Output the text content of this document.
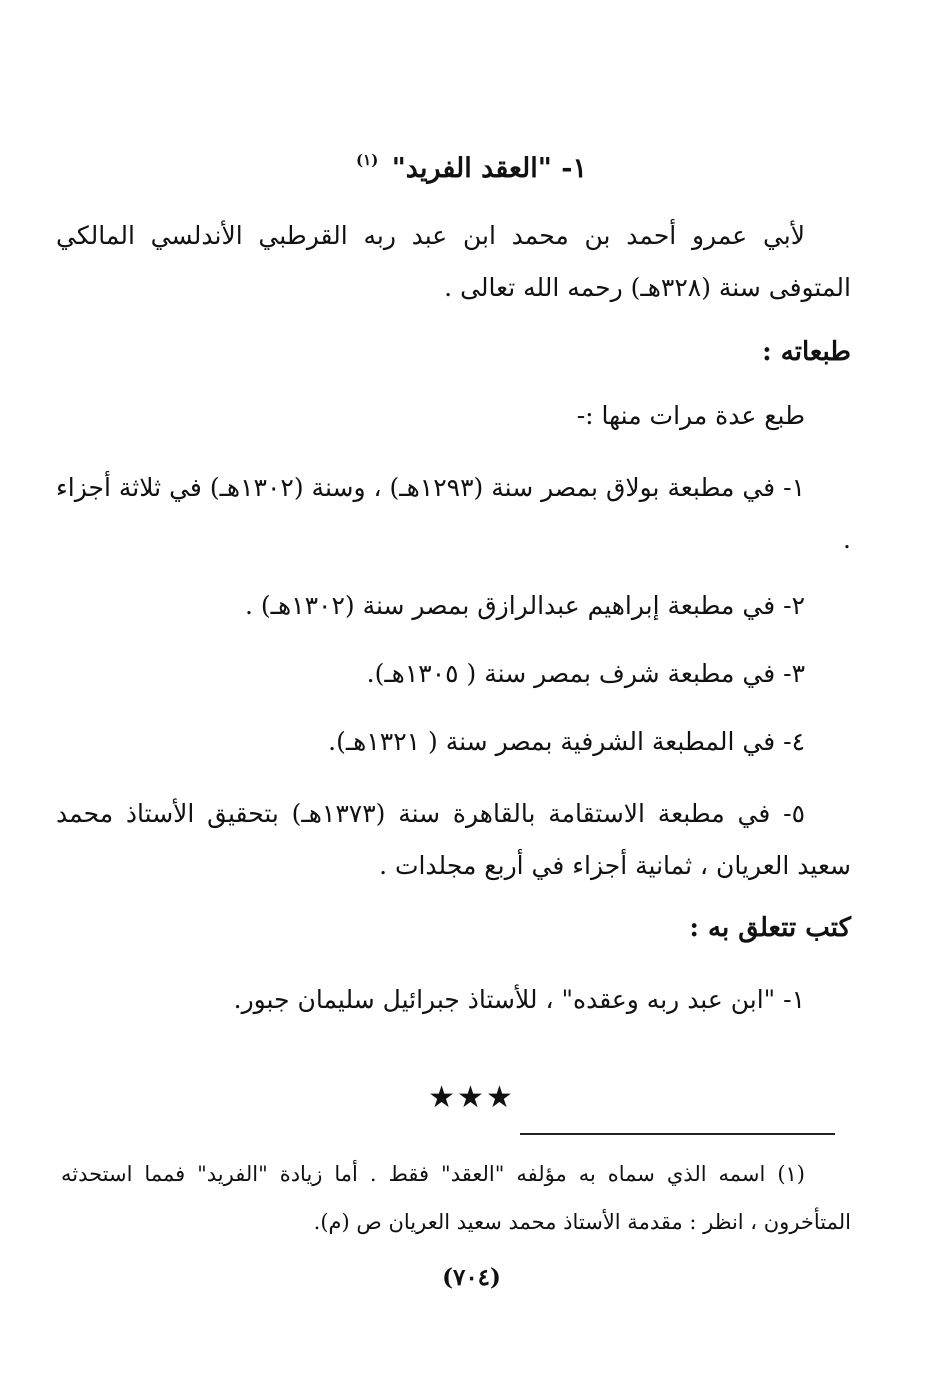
١- "العقد الفريد" $^{(١)}$
لأبي عمرو أحمد بن محمد ابن عبد ربه القرطبي الأندلسي المالكي المتوفى سنة (٣٢٨هـ) رحمه الله تعالى .
طبعاته :
طبع عدة مرات منها :-
١- في مطبعة بولاق بمصر سنة (١٢٩٣هـ) ، وسنة (١٣٠٢هـ) في ثلاثة أجزاء .
٢- في مطبعة إبراهيم عبدالرازق بمصر سنة (١٣٠٢هـ) .
٣- في مطبعة شرف بمصر سنة ( ١٣٠٥هـ).
٤- في المطبعة الشرفية بمصر سنة ( ١٣٢١هـ).
٥- في مطبعة الاستقامة بالقاهرة سنة (١٣٧٣هـ) بتحقيق الأستاذ محمد سعيد العريان ، ثمانية أجزاء في أربع مجلدات .
كتب تتعلق به :
١- "ابن عبد ربه وعقده" ، للأستاذ جبرائيل سليمان جبور.
★★★
(١) اسمه الذي سماه به مؤلفه "العقد" فقط . أما زيادة "الفريد" فمما استحدثه المتأخرون ، انظر : مقدمة الأستاذ محمد سعيد العريان ص (م).
(٧٠٤)
